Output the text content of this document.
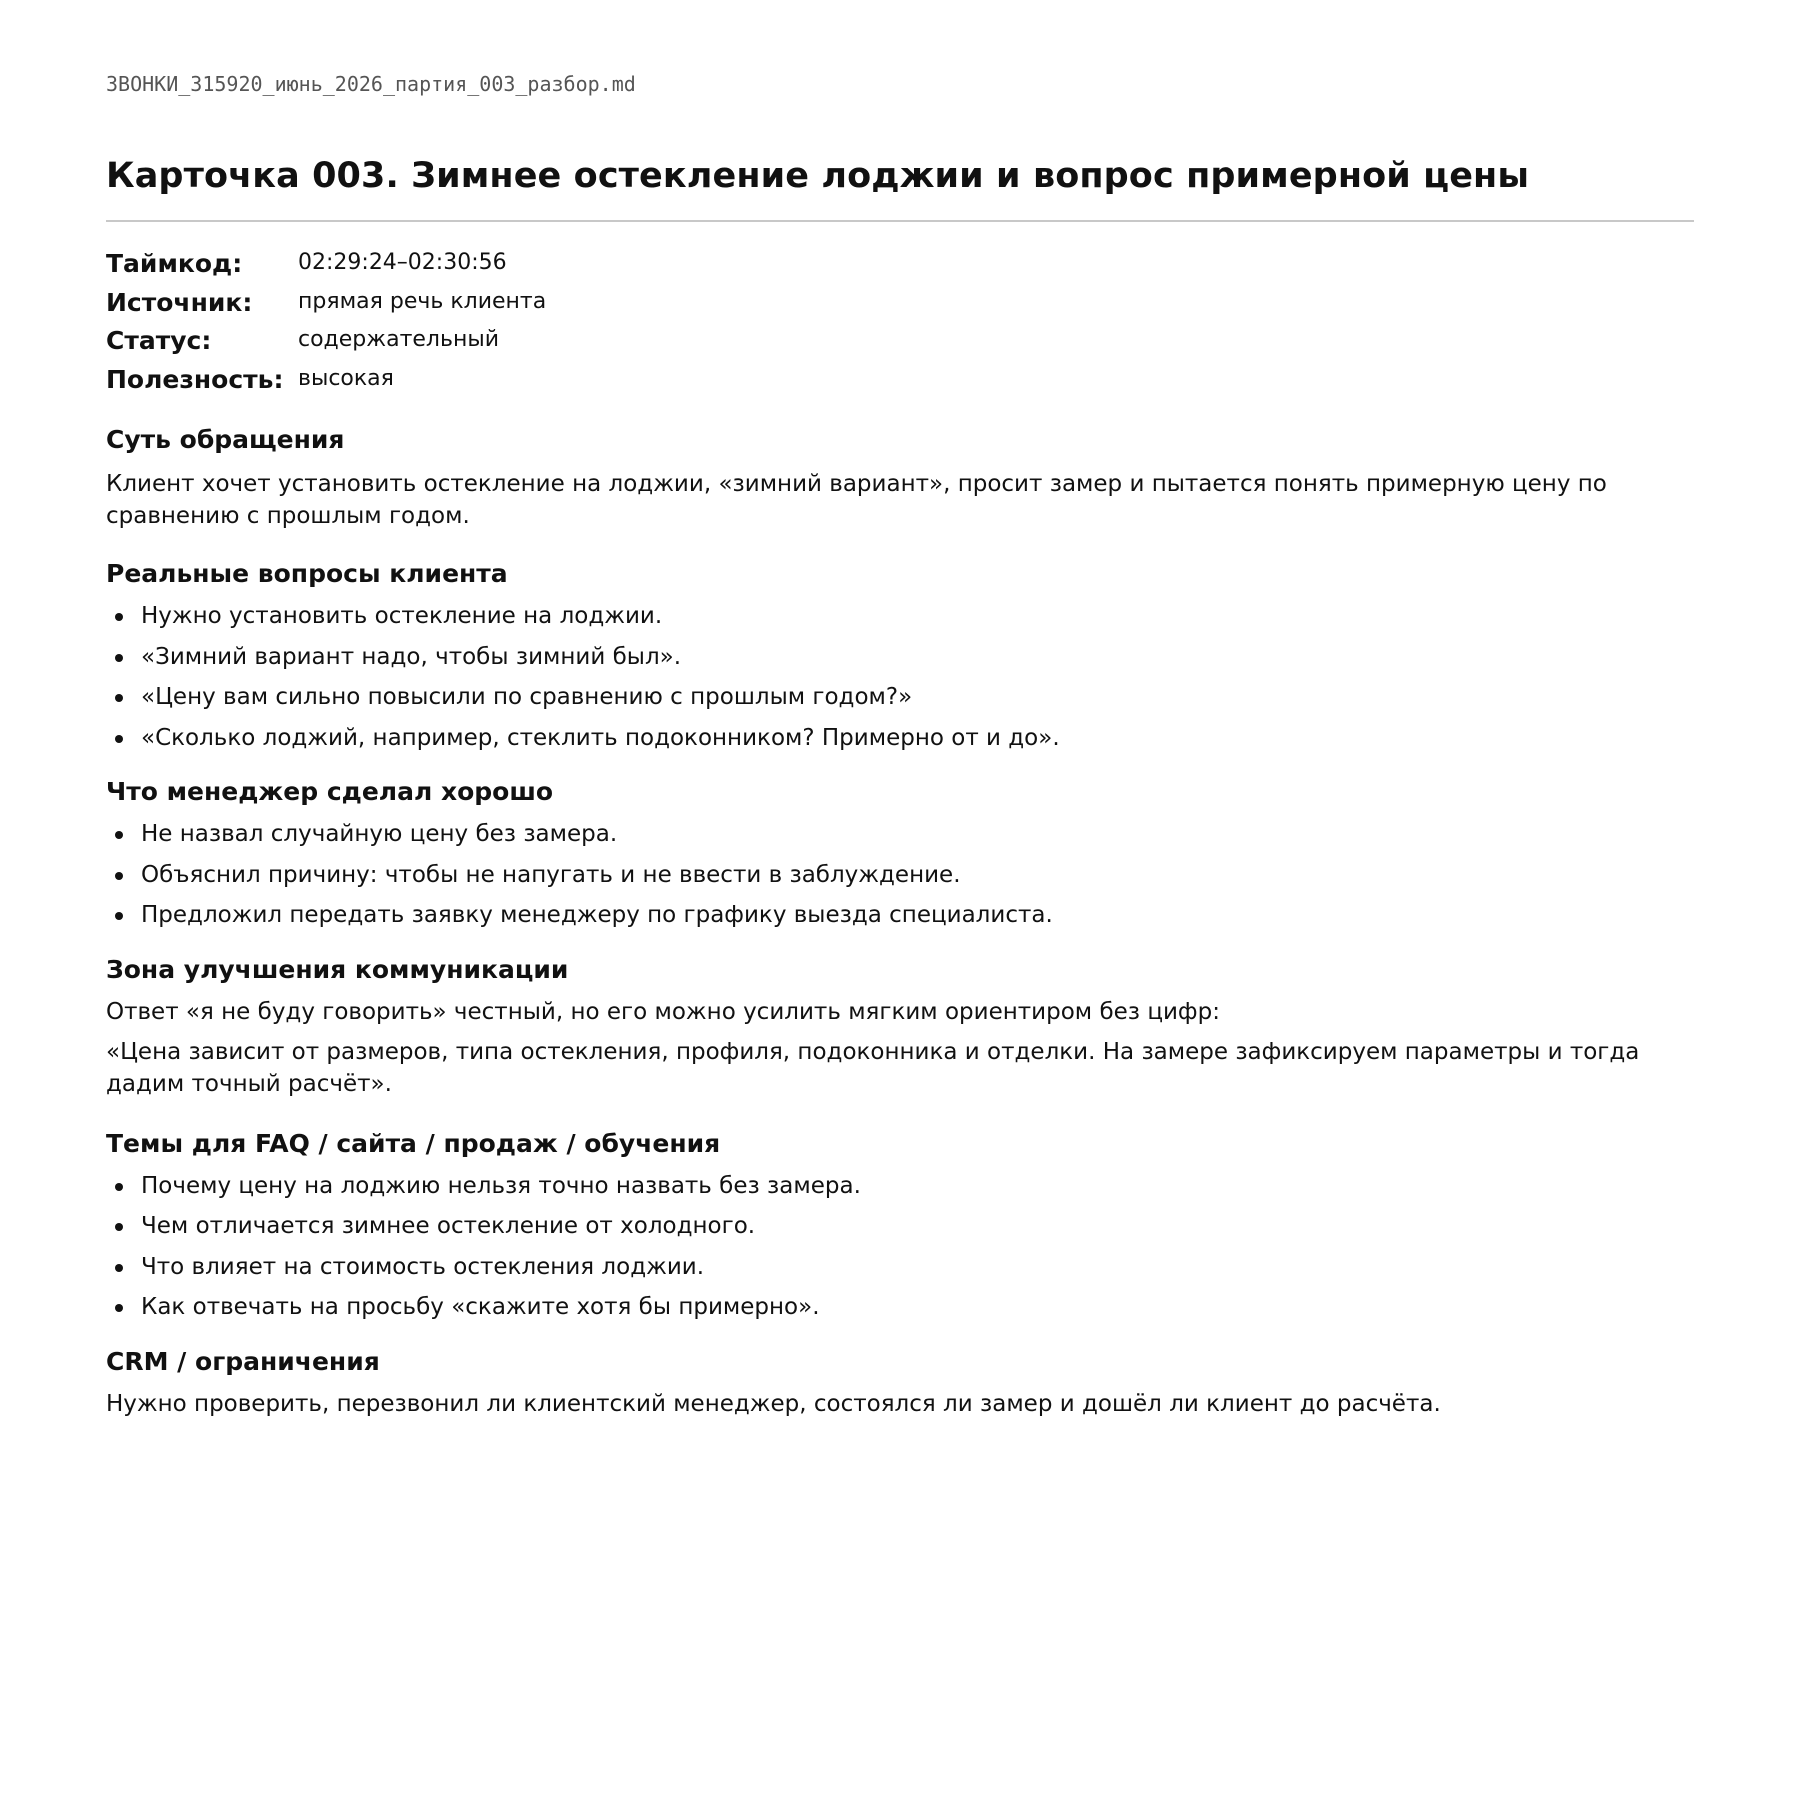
ЗВОНКИ_315920_июнь_2026_партия_003_разбор.md

Карточка 003. Зимнее остекление лоджии и вопрос примерной цены
Таймкод:	02:29:24–02:30:56
Источник:	прямая речь клиента
Статус:	содержательный
Полезность: высокая
Суть обращения

Клиент хочет установить остекление на лоджии, «зимний вариант», просит замер и пытается понять примерную цену по сравнению с прошлым годом.

Реальные вопросы клиента
Нужно установить остекление на лоджии.
«Зимний вариант надо, чтобы зимний был».
«Цену вам сильно повысили по сравнению с прошлым годом?»
«Сколько лоджий, например, стеклить подоконником? Примерно от и до».
Что менеджер сделал хорошо
Не назвал случайную цену без замера.
Объяснил причину: чтобы не напугать и не ввести в заблуждение.
Предложил передать заявку менеджеру по графику выезда специалиста.
Зона улучшения коммуникации

Ответ «я не буду говорить» честный, но его можно усилить мягким ориентиром без цифр:

«Цена зависит от размеров, типа остекления, профиля, подоконника и отделки. На замере зафиксируем параметры и тогда дадим точный расчёт».

Темы для FAQ / сайта / продаж / обучения
Почему цену на лоджию нельзя точно назвать без замера.
Чем отличается зимнее остекление от холодного.
Что влияет на стоимость остекления лоджии.
Как отвечать на просьбу «скажите хотя бы примерно».
CRM / ограничения

Нужно проверить, перезвонил ли клиентский менеджер, состоялся ли замер и дошёл ли клиент до расчёта.
